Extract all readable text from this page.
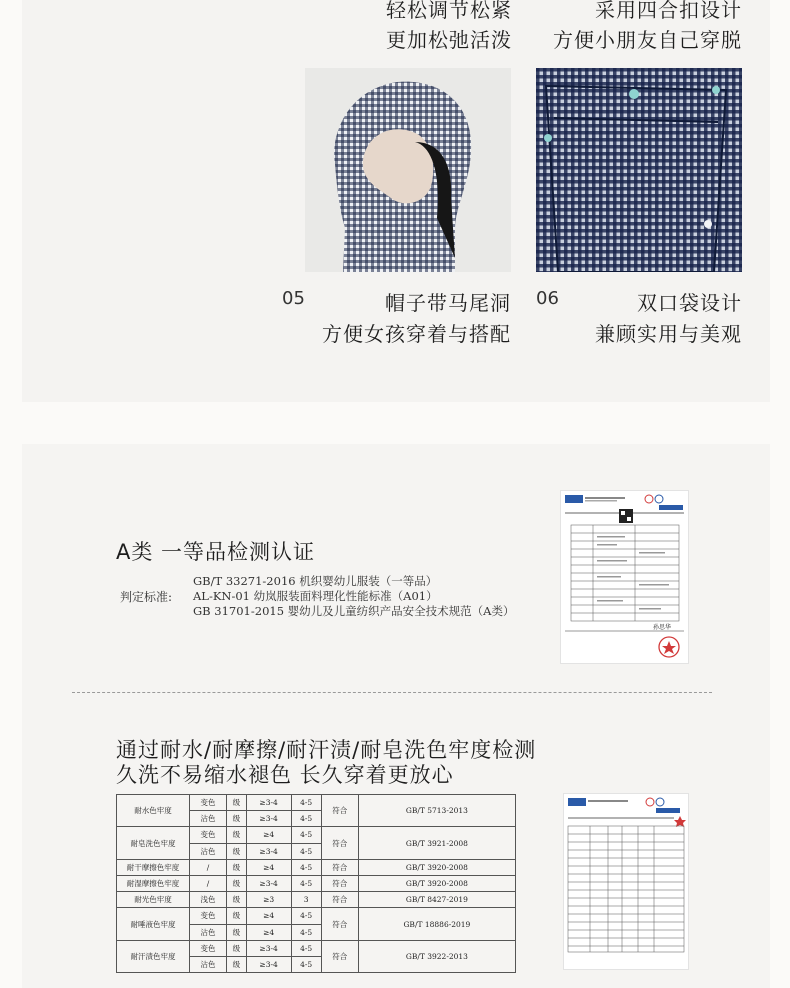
轻松调节松紧
更加松弛活泼
采用四合扣设计
方便小朋友自己穿脱
05	帽子带马尾洞
方便女孩穿着与搭配
06	双口袋设计
兼顾实用与美观
A类 一等品检测认证
判定标准:
GB/T 33271-2016 机织婴幼儿服装（一等品）
AL-KN-01 幼岚服装面料理化性能标准（A01）
GB 31701-2015 婴幼儿及儿童纺织产品安全技术规范（A类）
孙思华
通过耐水/耐摩擦/耐汗渍/耐皂洗色牢度检测
久洗不易缩水褪色 长久穿着更放心
耐水色牢度	变色	级	≥3-4	4-5	符合	GB/T 5713-2013
	沾色	级	≥3-4	4-5		
耐皂洗色牢度	变色	级	≥4	4-5	符合	GB/T 3921-2008
	沾色	级	≥3-4	4-5		
耐干摩擦色牢度	/	级	≥4	4-5	符合	GB/T 3920-2008
耐湿摩擦色牢度	/	级	≥3-4	4-5	符合	GB/T 3920-2008
耐光色牢度	浅色	级	≥3	3	符合	GB/T 8427-2019
耐唾液色牢度	变色	级	≥4	4-5	符合	GB/T 18886-2019
	沾色	级	≥4	4-5		
耐汗渍色牢度	变色	级	≥3-4	4-5	符合	GB/T 3922-2013
	沾色	级	≥3-4	4-5		
